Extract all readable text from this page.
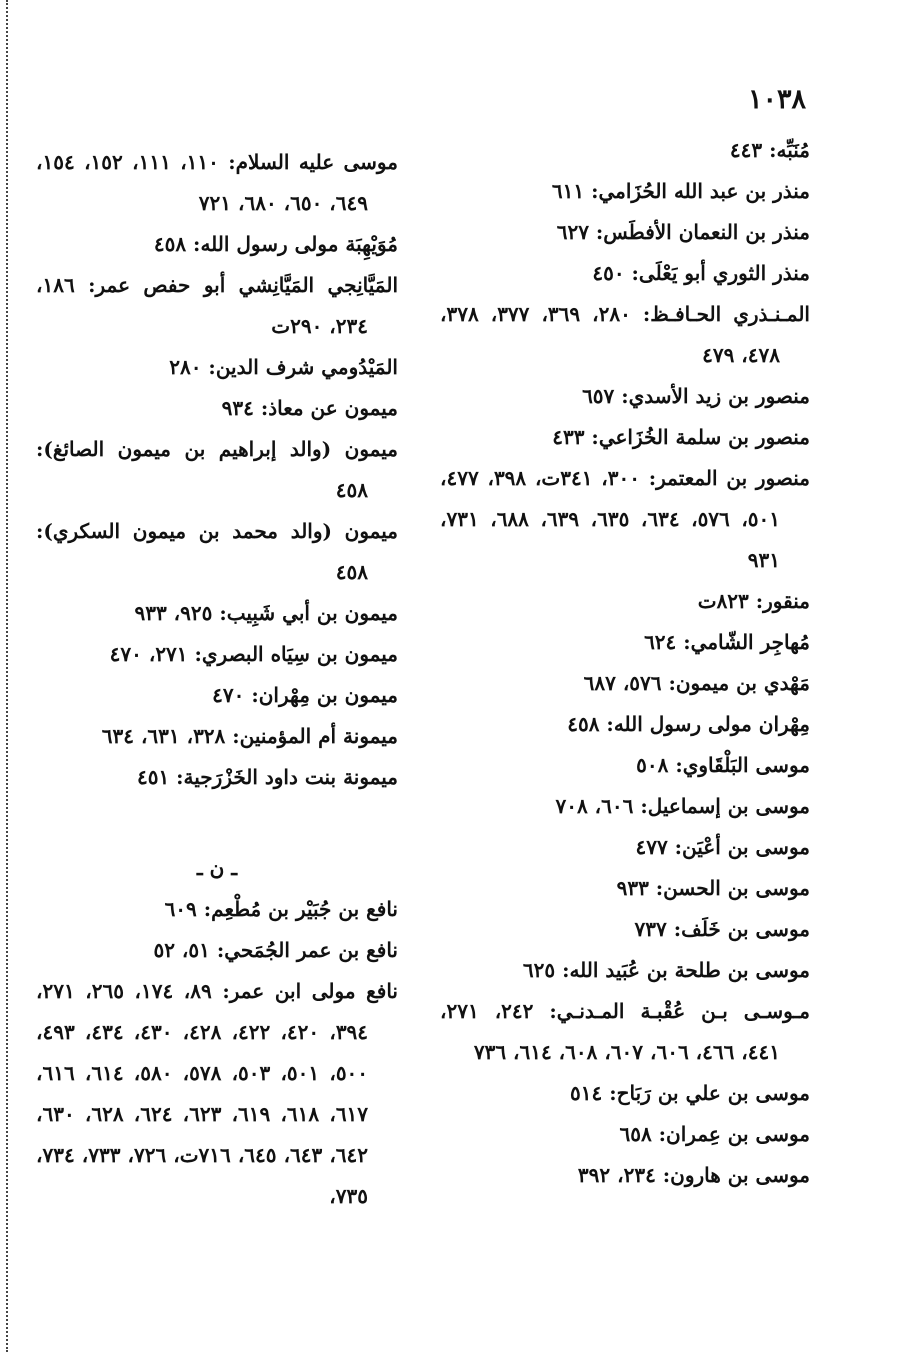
١٠٣٨
مُنَبِّه: ٤٤٣
منذر بن عبد الله الحُزَامي: ٦١١
منذر بن النعمان الأفطَس: ٦٢٧
منذر الثوري أبو يَعْلَى: ٤٥٠
المـنـذري الحـافـظ: ٢٨٠، ٣٦٩، ٣٧٧، ٣٧٨، ٤٧٨، ٤٧٩
منصور بن زيد الأسدي: ٦٥٧
منصور بن سلمة الخُزَاعي: ٤٣٣
منصور بن المعتمر: ٣٠٠، ٣٤١ت، ٣٩٨، ٤٧٧، ٥٠١، ٥٧٦، ٦٣٤، ٦٣٥، ٦٣٩، ٦٨٨، ٧٣١، ٩٣١
منقور: ٨٢٣ت
مُهاجِر الشّامي: ٦٢٤
مَهْدي بن ميمون: ٥٧٦، ٦٨٧
مِهْران مولى رسول الله: ٤٥٨
موسى البَلْقَاوي: ٥٠٨
موسى بن إسماعيل: ٦٠٦، ٧٠٨
موسى بن أعْيَن: ٤٧٧
موسى بن الحسن: ٩٣٣
موسى بن خَلَف: ٧٣٧
موسى بن طلحة بن عُبَيد الله: ٦٢٥
مـوسـى بـن عُقْبـة المـدنـي: ٢٤٢، ٢٧١، ٤٤١، ٤٦٦، ٦٠٦، ٦٠٧، ٦٠٨، ٦١٤، ٧٣٦
موسى بن علي بن رَبَاح: ٥١٤
موسى بن عِمران: ٦٥٨
موسى بن هارون: ٢٣٤، ٣٩٢
موسى عليه السلام: ١١٠، ١١١، ١٥٢، ١٥٤، ٦٤٩، ٦٥٠، ٦٨٠، ٧٢١
مُوَيْهِبَة مولى رسول الله: ٤٥٨
المَيَّانِجي المَيَّانِشي أبو حفص عمر: ١٨٦، ٢٣٤، ٢٩٠ت
المَيْدُومي شرف الدين: ٢٨٠
ميمون عن معاذ: ٩٣٤
ميمون (والد إبراهيم بن ميمون الصائغ): ٤٥٨
ميمون (والد محمد بن ميمون السكري): ٤٥٨
ميمون بن أبي شَبِيب: ٩٢٥، ٩٣٣
ميمون بن سِيَاه البصري: ٢٧١، ٤٧٠
ميمون بن مِهْران: ٤٧٠
ميمونة أم المؤمنين: ٣٢٨، ٦٣١، ٦٣٤
ميمونة بنت داود الخَزْرَجية: ٤٥١
ـ ن ـ
نافع بن جُبَيْر بن مُطْعِم: ٦٠٩
نافع بن عمر الجُمَحي: ٥١، ٥٢
نافع مولى ابن عمر: ٨٩، ١٧٤، ٢٦٥، ٢٧١، ٣٩٤، ٤٢٠، ٤٢٢، ٤٢٨، ٤٣٠، ٤٣٤، ٤٩٣، ٥٠٠، ٥٠١، ٥٠٣، ٥٧٨، ٥٨٠، ٦١٤، ٦١٦، ٦١٧، ٦١٨، ٦١٩، ٦٢٣، ٦٢٤، ٦٢٨، ٦٣٠، ٦٤٢، ٦٤٣، ٦٤٥، ٧١٦ت، ٧٢٦، ٧٣٣، ٧٣٤، ٧٣٥،
